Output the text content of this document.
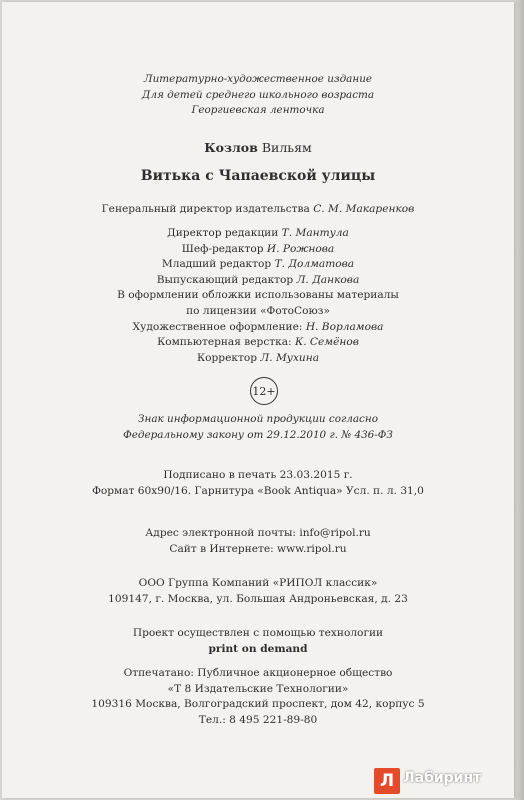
Литературно-художественное издание
Для детей среднего школьного возраста
Георгиевская ленточка
Козлов Вильям
Витька с Чапаевской улицы
Генеральный директор издательства С. М. Макаренков
Директор редакции Т. Мантула
Шеф-редактор И. Рожнова
Младший редактор Т. Долматова
Выпускающий редактор Л. Данкова
В оформлении обложки использованы материалы
по лицензии «ФотоСоюз»
Художественное оформление: Н. Ворламова
Компьютерная верстка: К. Семёнов
Корректор Л. Мухина
12+
Знак информационной продукции согласно
Федеральному закону от 29.12.2010 г. № 436-ФЗ
Подписано в печать 23.03.2015 г.
Формат 60х90/16. Гарнитура «Book Antiqua» Усл. п. л. 31,0
Адрес электронной почты: info@ripol.ru
Сайт в Интернете: www.ripol.ru
ООО Группа Компаний «РИПОЛ классик»
109147, г. Москва, ул. Большая Андроньевская, д. 23
Проект осуществлен с помощью технологии
print on demand
Отпечатано: Публичное акционерное общество
«Т 8 Издательские Технологии»
109316 Москва, Волгоградский проспект, дом 42, корпус 5
Тел.: 8 495 221-89-80
Л Лабиринт
